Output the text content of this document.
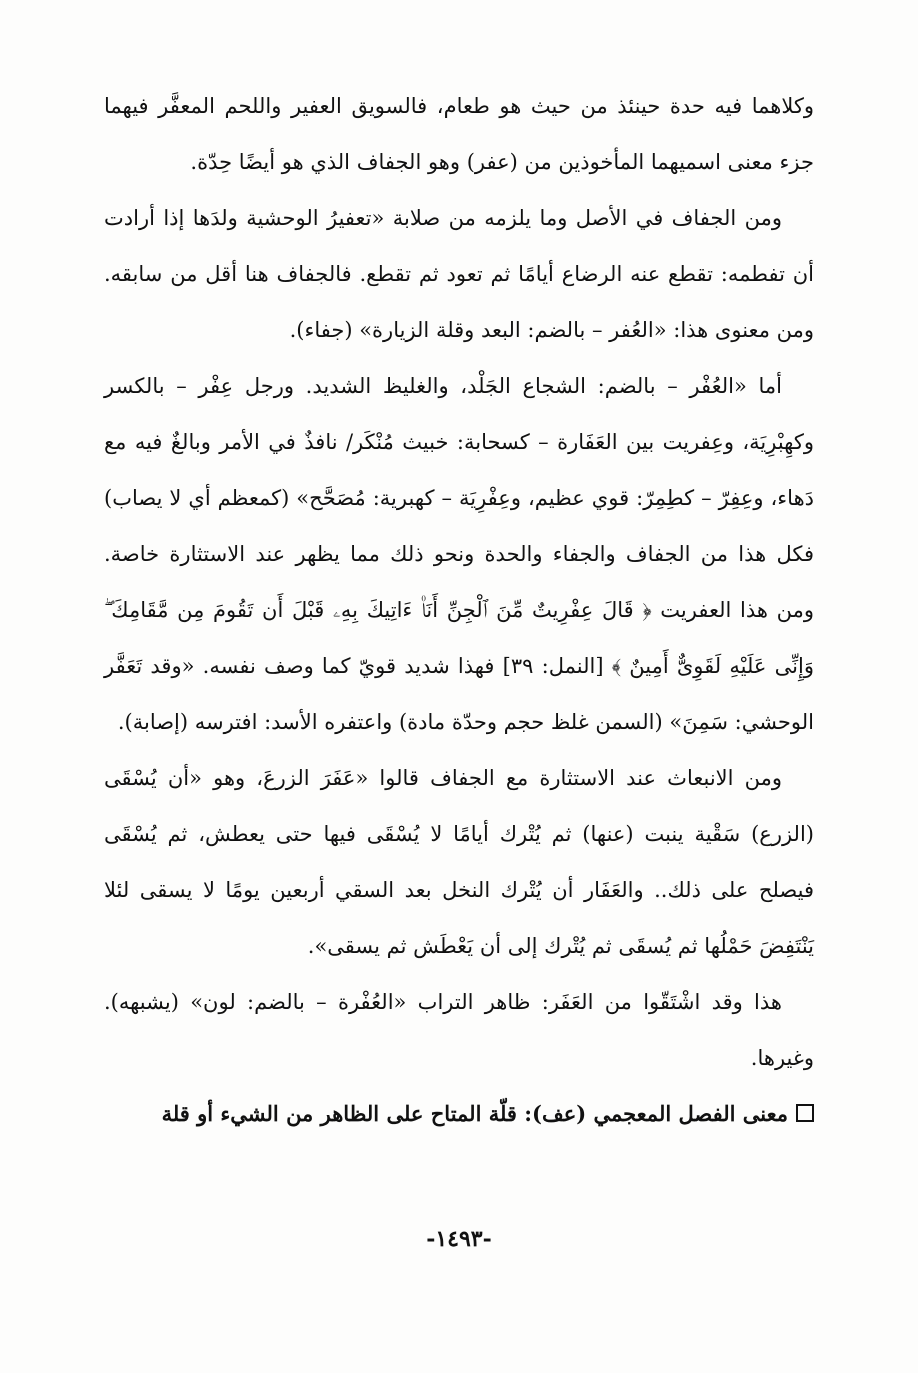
وكلاهما فيه حدة حينئذ من حيث هو طعام، فالسويق العفير واللحم المعفَّر فيهما جزء معنى اسميهما المأخوذين من (عفر) وهو الجفاف الذي هو أيضًا حِدّة.

ومن الجفاف في الأصل وما يلزمه من صلابة «تعفيرُ الوحشية ولدَها إذا أرادت أن تفطمه: تقطع عنه الرضاع أيامًا ثم تعود ثم تقطع. فالجفاف هنا أقل من سابقه. ومن معنوى هذا: «العُفر – بالضم: البعد وقلة الزيارة» (جفاء).

أما «العُفْر – بالضم: الشجاع الجَلْد، والغليظ الشديد. ورجل عِفْر – بالكسر وكهِبْرِيَة، وعِفريت بين العَفَارة – كسحابة: خبيث مُنْكَر/ نافذٌ في الأمر وبالغٌ فيه مع دَهاء، وعِفِرّ – كطِمِرّ: قوي عظيم، وعِفْرِيَة – كهبرية: مُصَحَّح» (كمعظم أي لا يصاب) فكل هذا من الجفاف والجفاء والحدة ونحو ذلك مما يظهر عند الاستثارة خاصة. ومن هذا العفريت ﴿ قَالَ عِفْرِيتٌ مِّنَ ٱلْجِنِّ أَنَا۠ ءَاتِيكَ بِهِۦ قَبْلَ أَن تَقُومَ مِن مَّقَامِكَ ۖ وَإِنِّى عَلَيْهِ لَقَوِىٌّ أَمِينٌ ﴾ [النمل: ٣٩] فهذا شديد قويّ كما وصف نفسه. «وقد تَعَفَّر الوحشي: سَمِنَ» (السمن غلظ حجم وحدّة مادة) واعتفره الأسد: افترسه (إصابة).

ومن الانبعاث عند الاستثارة مع الجفاف قالوا «عَفَرَ الزرعَ، وهو «أن يُسْقَى (الزرع) سَقْية ينبت (عنها) ثم يُتْرك أيامًا لا يُسْقَى فيها حتى يعطش، ثم يُسْقَى فيصلح على ذلك.. والعَفَار أن يُتْرك النخل بعد السقي أربعين يومًا لا يسقى لئلا يَنْتَفِضَ حَمْلُها ثم يُسقَى ثم يُتْرك إلى أن يَعْطَش ثم يسقى».

هذا وقد اشْتَقّوا من العَفَر: ظاهر التراب «العُفْرة – بالضم: لون» (يشبهه). وغيرها.

معنى الفصل المعجمي (عف): قلّة المتاح على الظاهر من الشيء أو قلة

-١٤٩٣-
